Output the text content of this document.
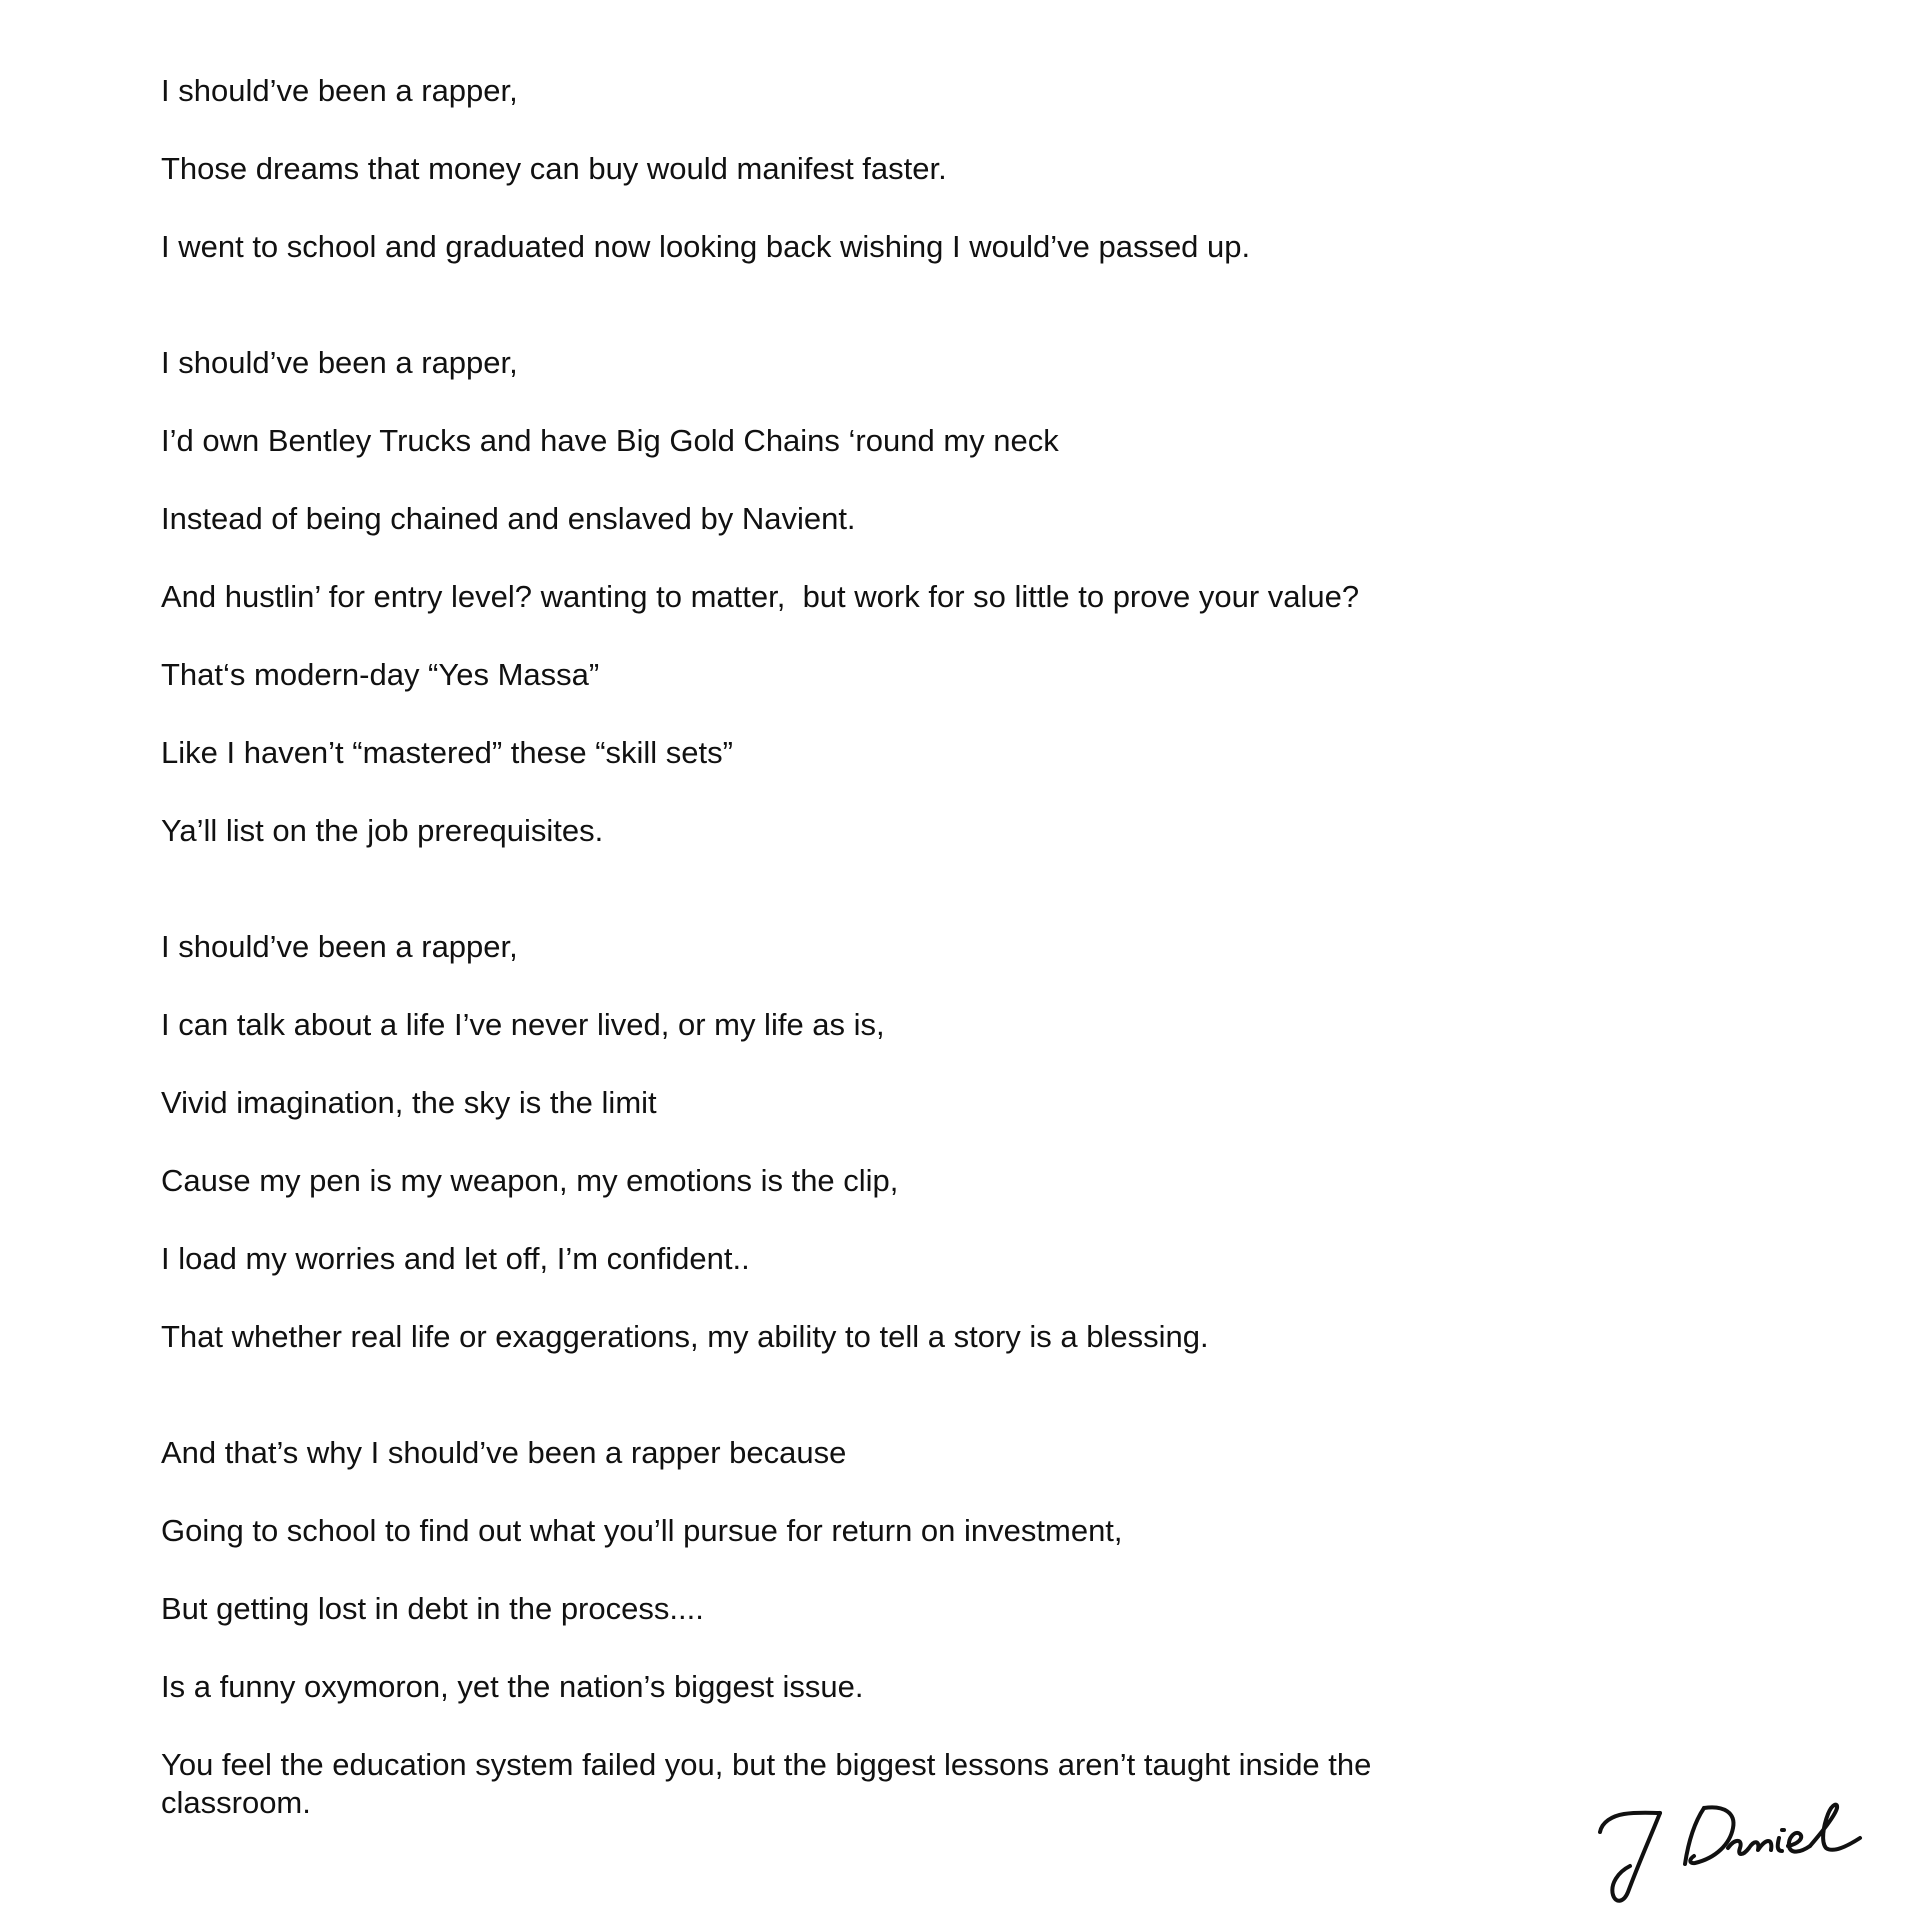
I should’ve been a rapper,

Those dreams that money can buy would manifest faster.

I went to school and graduated now looking back wishing I would’ve passed up.

I should’ve been a rapper,

I’d own Bentley Trucks and have Big Gold Chains ‘round my neck

Instead of being chained and enslaved by Navient.

And hustlin’ for entry level? wanting to matter,  but work for so little to prove your value?

That‘s modern-day “Yes Massa”

Like I haven’t “mastered” these “skill sets”

Ya’ll list on the job prerequisites.

I should’ve been a rapper,

I can talk about a life I’ve never lived, or my life as is,

Vivid imagination, the sky is the limit

Cause my pen is my weapon, my emotions is the clip,

I load my worries and let off, I’m confident..

That whether real life or exaggerations, my ability to tell a story is a blessing.

And that’s why I should’ve been a rapper because

Going to school to find out what you’ll pursue for return on investment,

But getting lost in debt in the process....

Is a funny oxymoron, yet the nation’s biggest issue.

You feel the education system failed you, but the biggest lessons aren’t taught inside the classroom.
